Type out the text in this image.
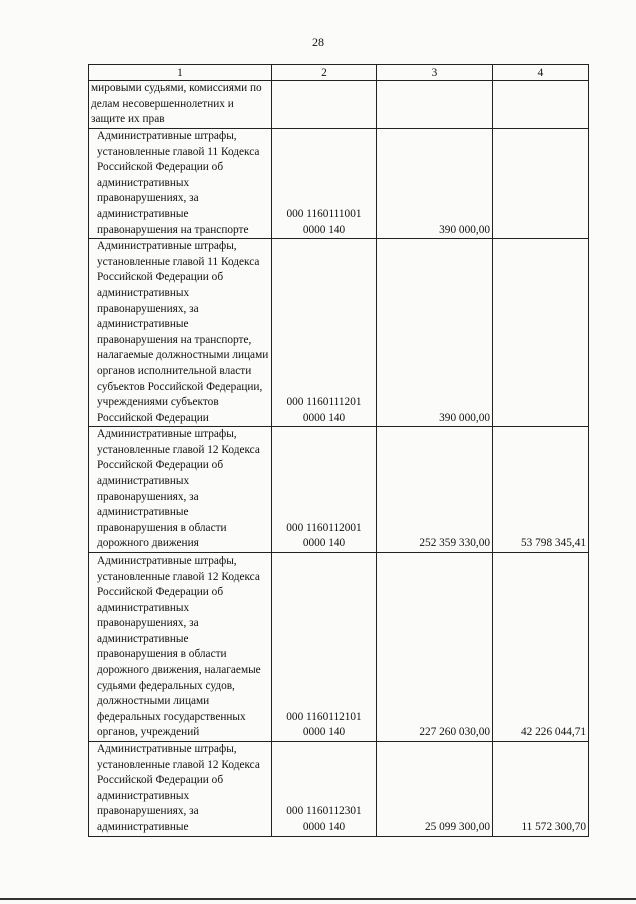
28
1	2	3	4
мировыми судьями, комиссиями по делам несовершеннолетних и защите их прав	

Административные штрафы, установленные главой 11 Кодекса Российской Федерации об административных правонарушениях, за административные правонарушения на транспорте	000 1160111001
0000 140	390 000,00	

Административные штрафы, установленные главой 11 Кодекса Российской Федерации об административных правонарушениях, за административные правонарушения на транспорте, налагаемые должностными лицами органов исполнительной власти субъектов Российской Федерации, учреждениями субъектов Российской Федерации	000 1160111201
0000 140	390 000,00	

Административные штрафы, установленные главой 12 Кодекса Российской Федерации об административных правонарушениях, за административные правонарушения в области дорожного движения	000 1160112001
0000 140	252 359 330,00	53 798 345,41

Административные штрафы, установленные главой 12 Кодекса Российской Федерации об административных правонарушениях, за административные правонарушения в области дорожного движения, налагаемые судьями федеральных судов, должностными лицами федеральных государственных органов, учреждений	000 1160112101
0000 140	227 260 030,00	42 226 044,71

Административные штрафы, установленные главой 12 Кодекса Российской Федерации об административных правонарушениях, за административные	000 1160112301
0000 140	25 099 300,00	11 572 300,70
